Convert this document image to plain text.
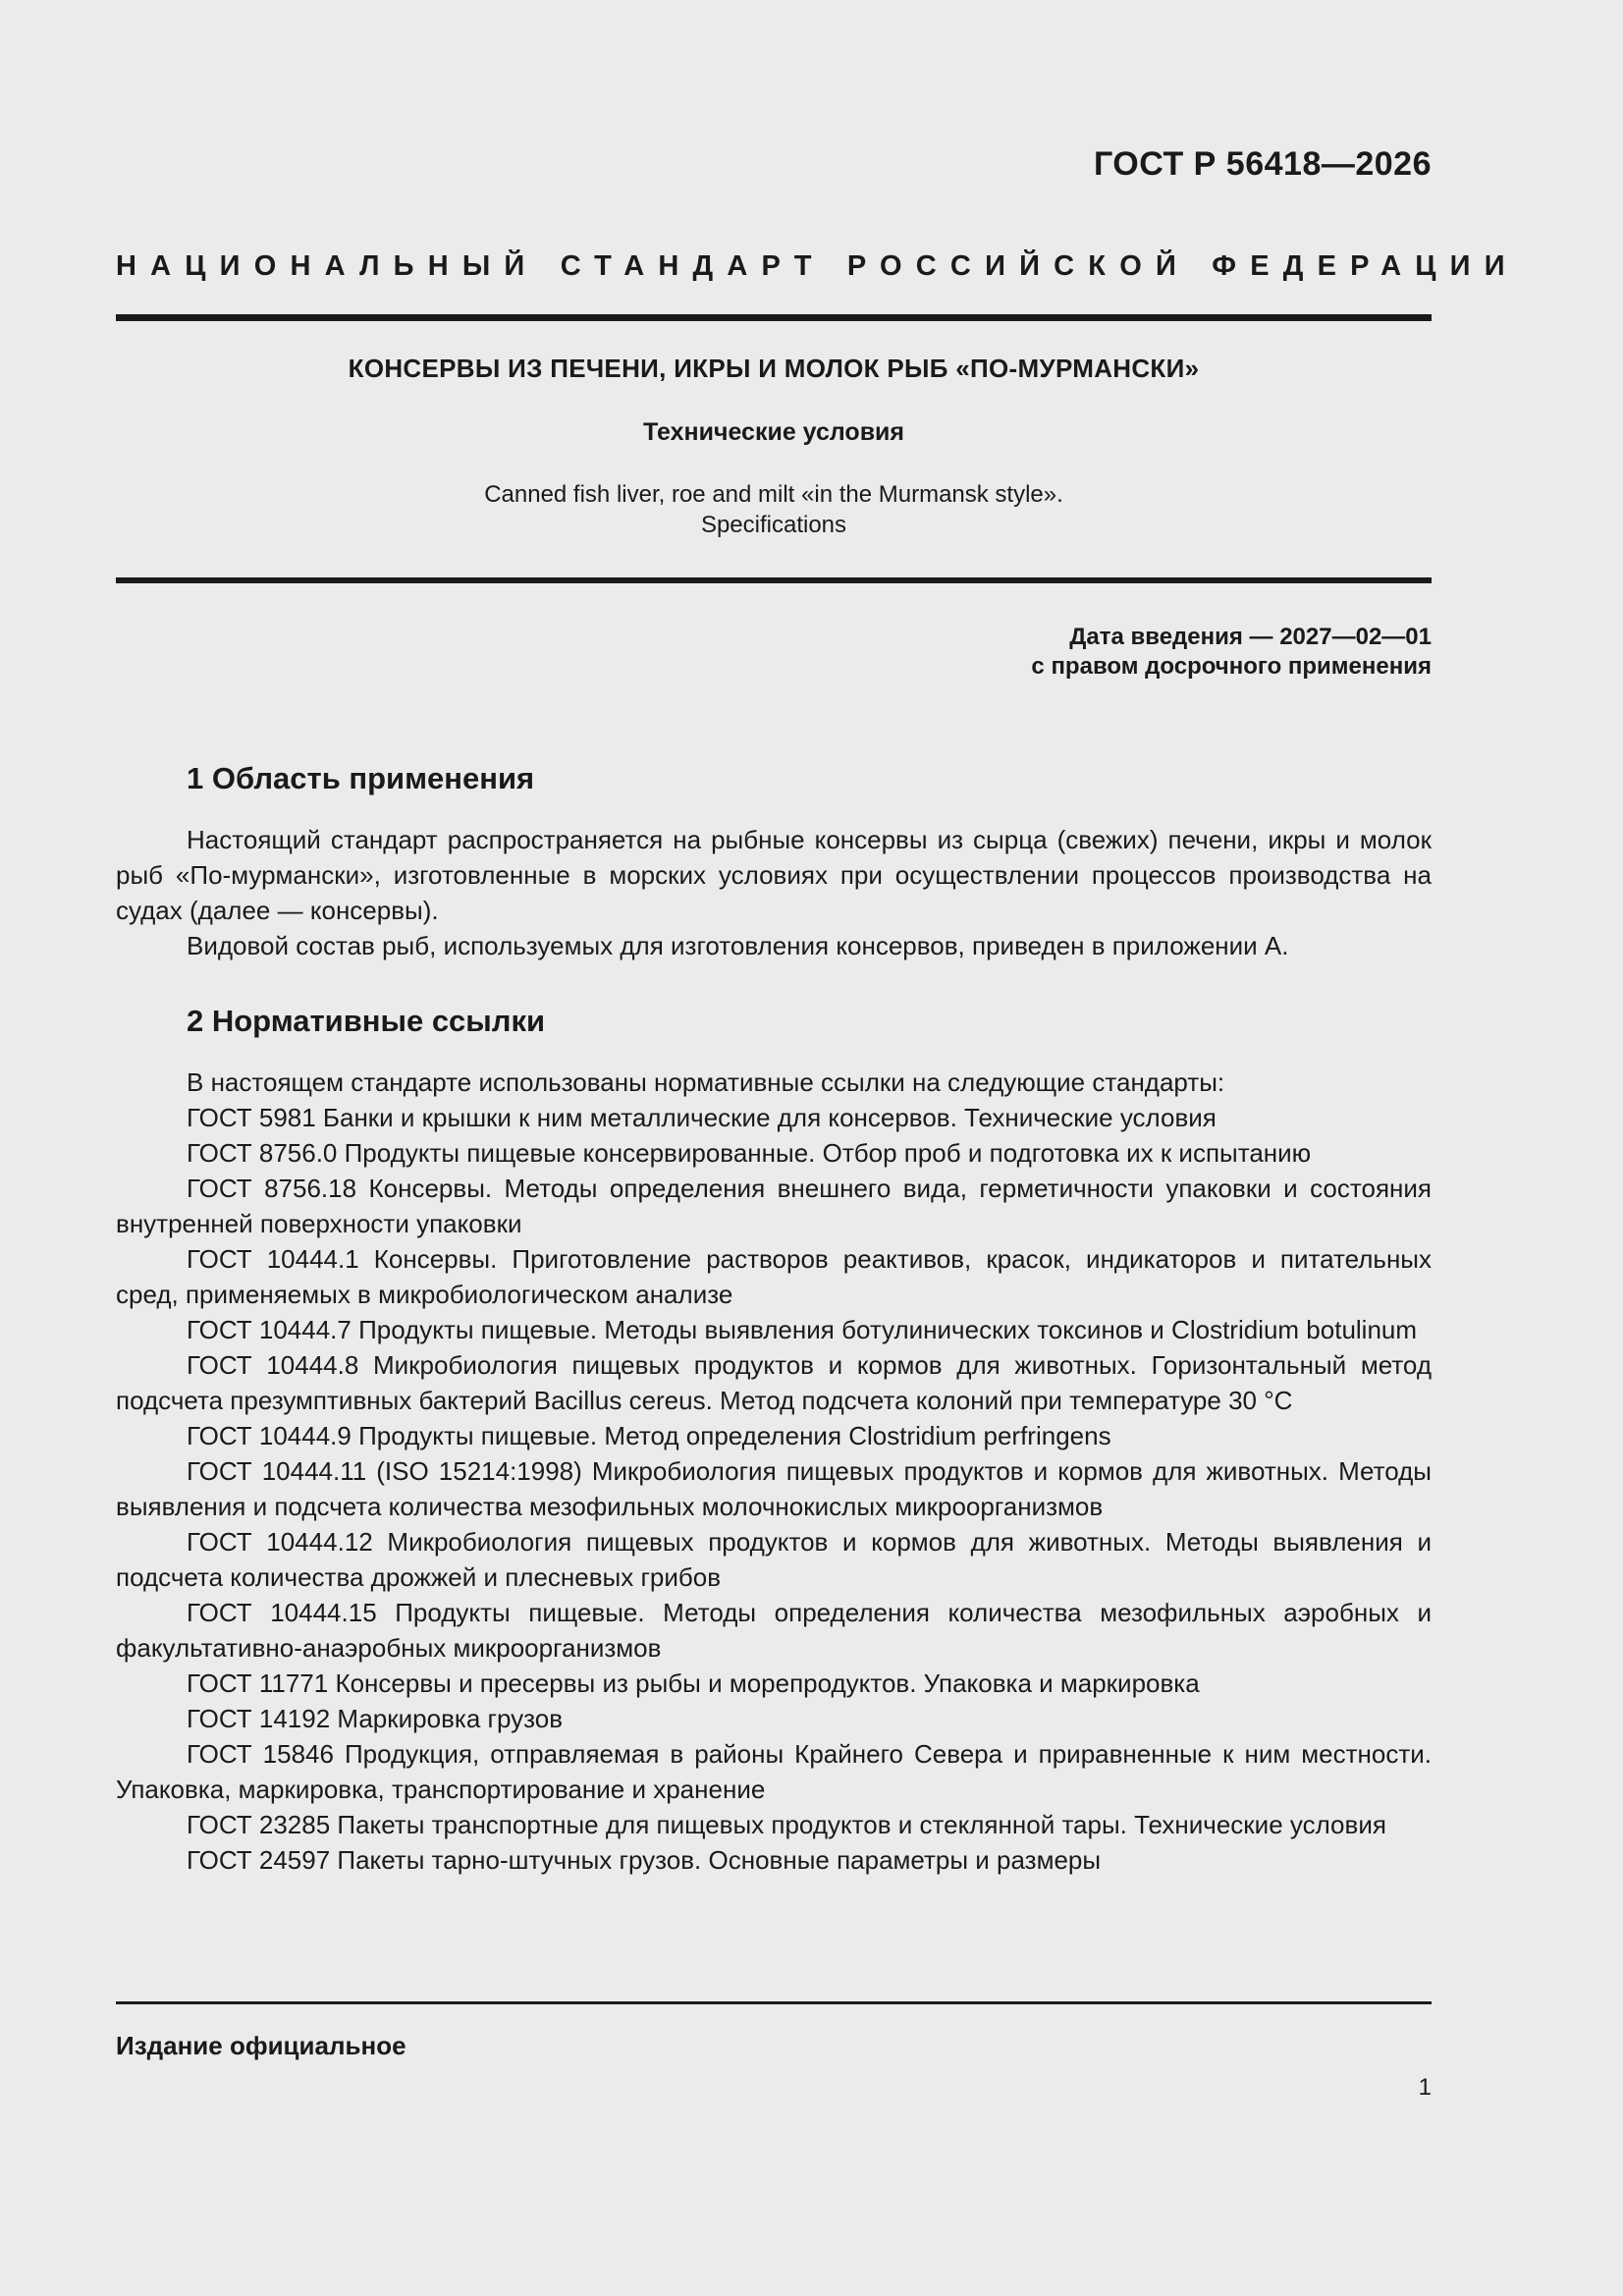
ГОСТ Р 56418—2026

НАЦИОНАЛЬНЫЙ СТАНДАРТ РОССИЙСКОЙ ФЕДЕРАЦИИ

КОНСЕРВЫ ИЗ ПЕЧЕНИ, ИКРЫ И МОЛОК РЫБ «ПО-МУРМАНСКИ»

Технические условия

Canned fish liver, roe and milt «in the Murmansk style».
Specifications

Дата введения — 2027—02—01
с правом досрочного применения

1 Область применения

Настоящий стандарт распространяется на рыбные консервы из сырца (свежих) печени, икры и молок рыб «По-мурмански», изготовленные в морских условиях при осуществлении процессов производства на судах (далее — консервы).

Видовой состав рыб, используемых для изготовления консервов, приведен в приложении А.

2 Нормативные ссылки

В настоящем стандарте использованы нормативные ссылки на следующие стандарты:

ГОСТ 5981 Банки и крышки к ним металлические для консервов. Технические условия

ГОСТ 8756.0 Продукты пищевые консервированные. Отбор проб и подготовка их к испытанию

ГОСТ 8756.18 Консервы. Методы определения внешнего вида, герметичности упаковки и состояния внутренней поверхности упаковки

ГОСТ 10444.1 Консервы. Приготовление растворов реактивов, красок, индикаторов и питательных сред, применяемых в микробиологическом анализе

ГОСТ 10444.7 Продукты пищевые. Методы выявления ботулинических токсинов и Clostridium botulinum

ГОСТ 10444.8 Микробиология пищевых продуктов и кормов для животных. Горизонтальный метод подсчета презумптивных бактерий Bacillus cereus. Метод подсчета колоний при температуре 30 °С

ГОСТ 10444.9 Продукты пищевые. Метод определения Clostridium perfringens

ГОСТ 10444.11 (ISO 15214:1998) Микробиология пищевых продуктов и кормов для животных. Методы выявления и подсчета количества мезофильных молочнокислых микроорганизмов

ГОСТ 10444.12 Микробиология пищевых продуктов и кормов для животных. Методы выявления и подсчета количества дрожжей и плесневых грибов

ГОСТ 10444.15 Продукты пищевые. Методы определения количества мезофильных аэробных и факультативно-анаэробных микроорганизмов

ГОСТ 11771 Консервы и пресервы из рыбы и морепродуктов. Упаковка и маркировка

ГОСТ 14192 Маркировка грузов

ГОСТ 15846 Продукция, отправляемая в районы Крайнего Севера и приравненные к ним местности. Упаковка, маркировка, транспортирование и хранение

ГОСТ 23285 Пакеты транспортные для пищевых продуктов и стеклянной тары. Технические условия

ГОСТ 24597 Пакеты тарно-штучных грузов. Основные параметры и размеры

Издание официальное

1
